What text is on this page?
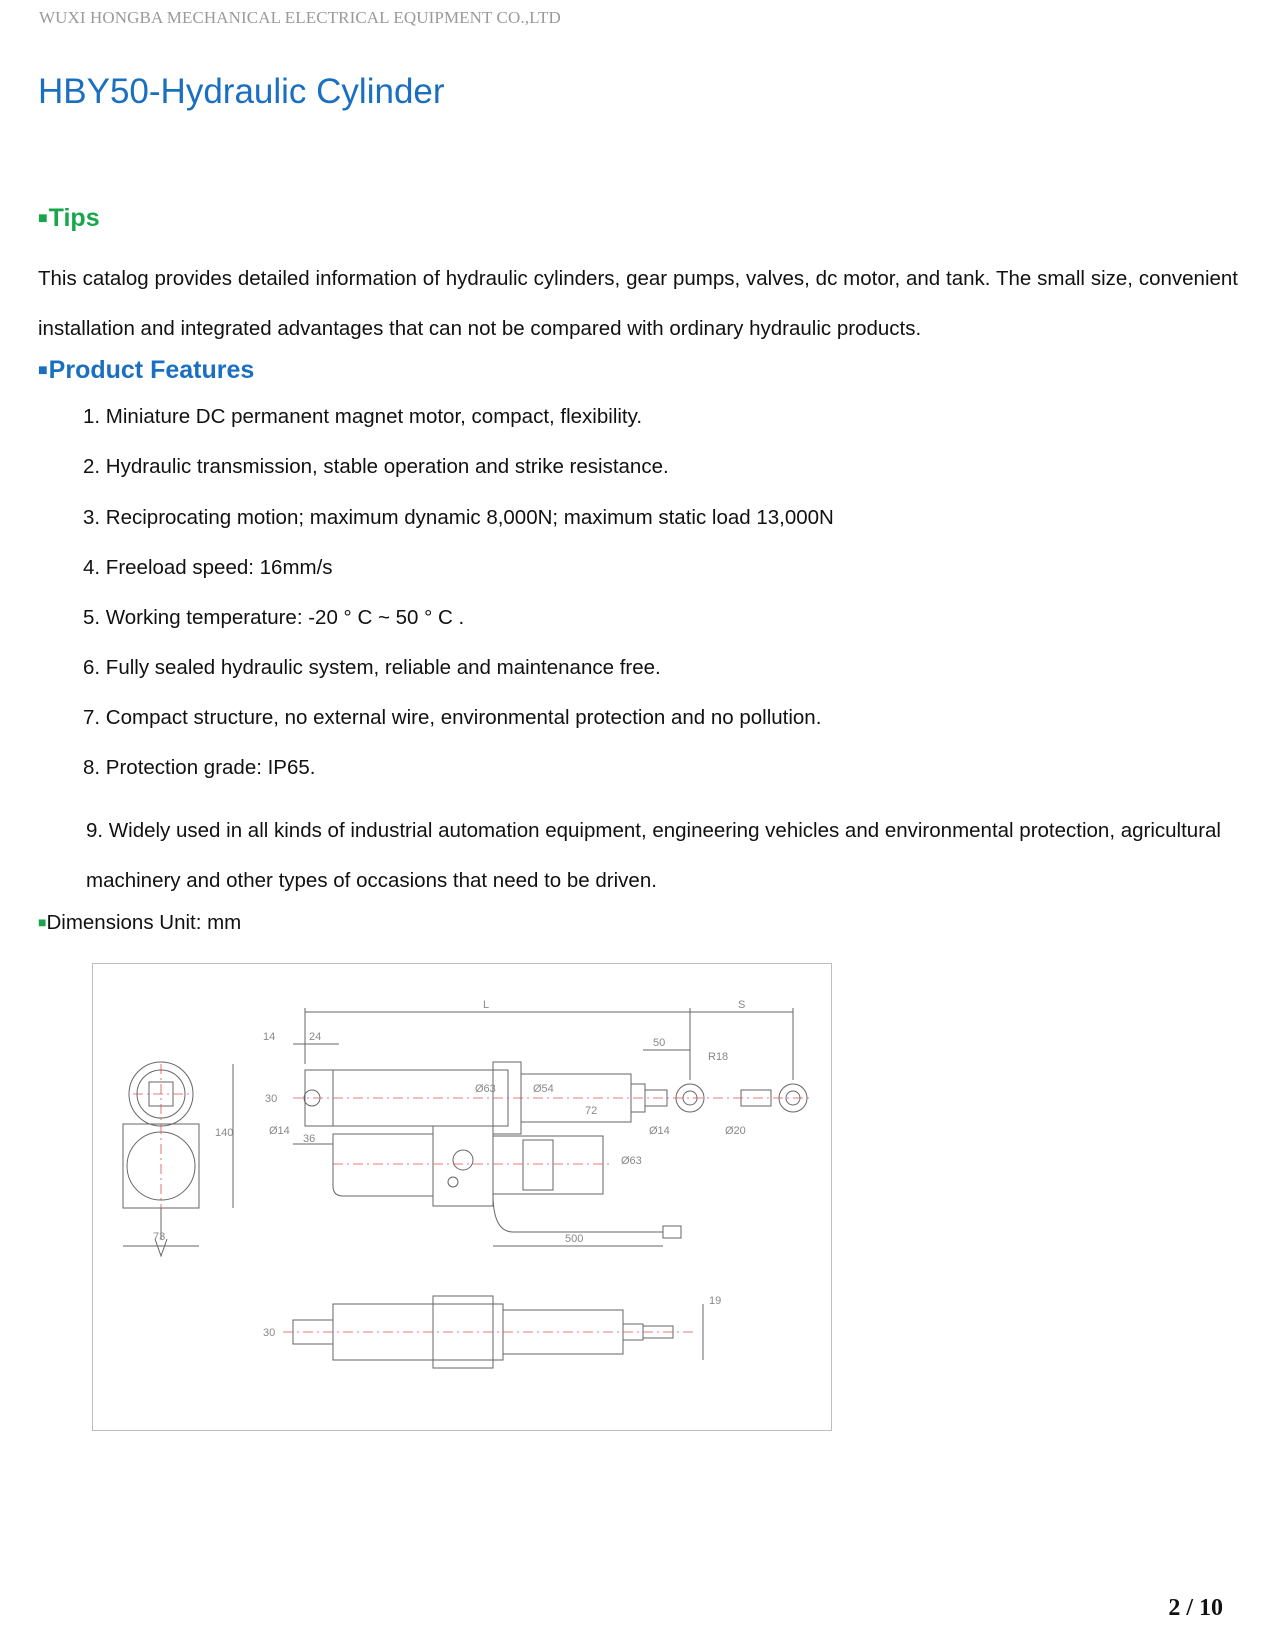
WUXI HONGBA MECHANICAL ELECTRICAL EQUIPMENT CO.,LTD
HBY50-Hydraulic Cylinder
■Tips
This catalog provides detailed information of hydraulic cylinders, gear pumps, valves, dc motor, and tank. The small size, convenient installation and integrated advantages that can not be compared with ordinary hydraulic products.
■Product Features
1. Miniature DC permanent magnet motor, compact, flexibility.
2. Hydraulic transmission, stable operation and strike resistance.
3. Reciprocating motion; maximum dynamic 8,000N; maximum static load 13,000N
4. Freeload speed: 16mm/s
5. Working temperature: -20 ° C ~ 50 ° C .
6. Fully sealed hydraulic system, reliable and maintenance free.
7. Compact structure, no external wire, environmental protection and no pollution.
8. Protection grade: IP65.
9. Widely used in all kinds of industrial automation equipment, engineering vehicles and environmental protection, agricultural machinery and other types of occasions that need to be driven.
■Dimensions Unit: mm
L	S
14	24	50
R18
30
Ø14
36
Ø63	Ø54
72
Ø63
Ø14	Ø20
140
73	500
19
30
2 / 10
